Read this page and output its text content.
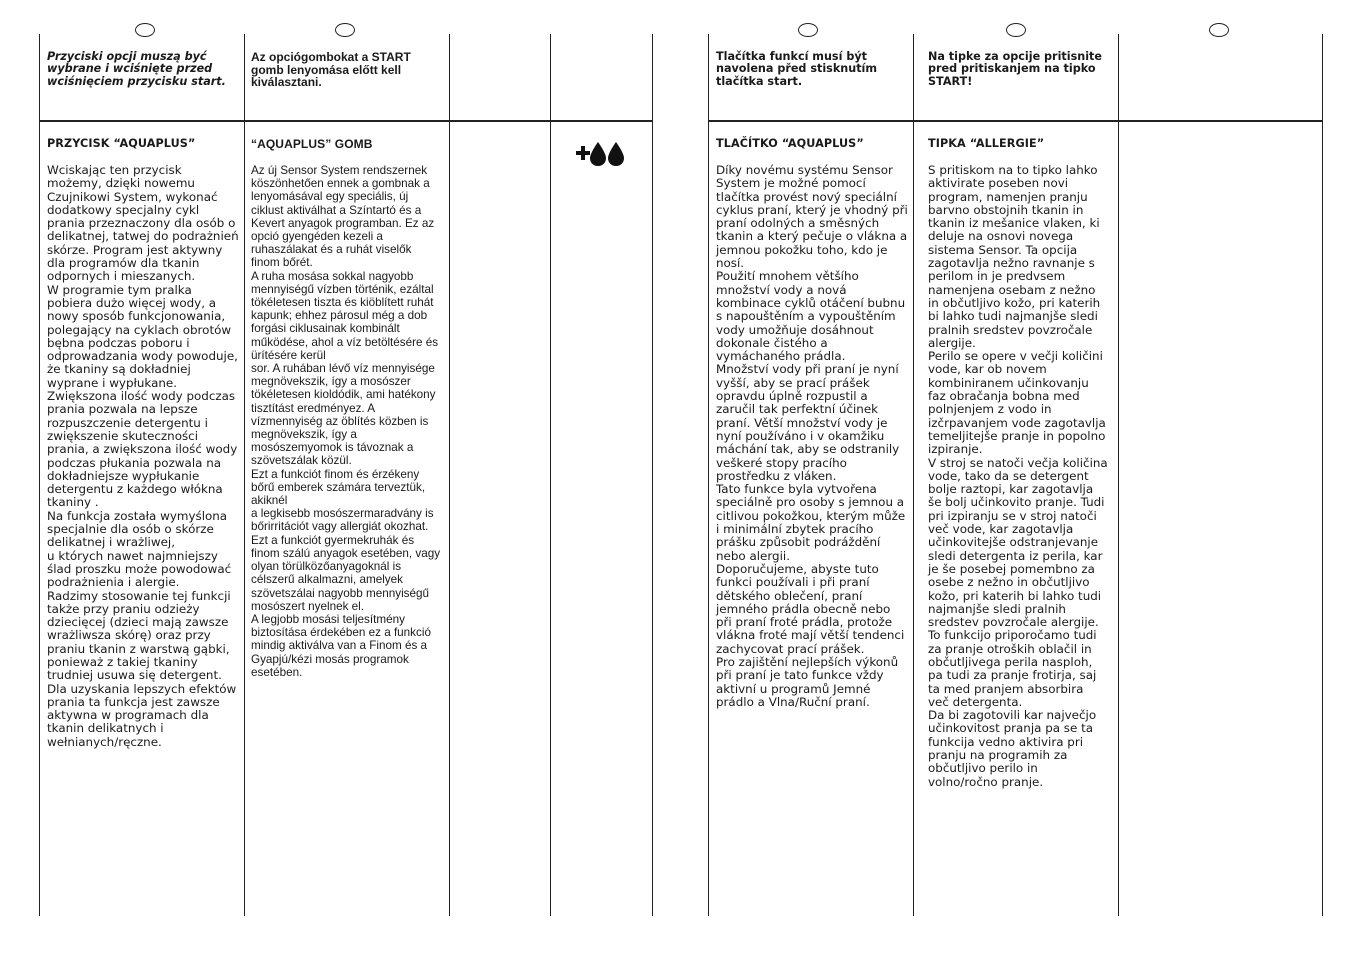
Przyciski opcji muszą być wybrane i wciśnięte przed wciśnięciem przycisku start.
Az opciógombokat a START gomb lenyomása előtt kell kiválasztani.
Tlačítka funkcí musí být navolena před stisknutím tlačítka start.
Na tipke za opcije pritisnite pred pritiskanjem na tipko START!
PRZYCISK “AQUAPLUS”	“AQUAPLUS” GOMB	TLAČÍTKO “AQUAPLUS”	TIPKA “ALLERGIE”

Wciskając ten przycisk możemy, dzięki nowemu Czujnikowi System, wykonać dodatkowy specjalny cykl prania przeznaczony dla osób o delikatnej, tatwej do podrażnień skórze. Program jest aktywny dla programów dla tkanin odpornych i mieszanych.
W programie tym pralka pobiera dużo więcej wody, a nowy sposób funkcjonowania, polegający na cyklach obrotów bębna podczas poboru i odprowadzania wody powoduje, że tkaniny są dokładniej wyprane i wypłukane. Zwiększona ilość wody podczas prania pozwala na lepsze rozpuszczenie detergentu i zwiększenie skuteczności prania, a zwiększona ilość wody podczas płukania pozwala na dokładniejsze wypłukanie detergentu z każdego włókna tkaniny .
Na funkcja została wymyślona specjalnie dla osób o skórze delikatnej i wrażliwej,
u których nawet najmniejszy ślad proszku może powodować podrażnienia i alergie.
Radzimy stosowanie tej funkcji także przy praniu odzieży dziecięcej (dzieci mają zawsze wrażliwsza skórę) oraz przy praniu tkanin z warstwą gąbki, ponieważ z takiej tkaniny trudniej usuwa się detergent.
Dla uzyskania lepszych efektów prania ta funkcja jest zawsze aktywna w programach dla tkanin delikatnych i wełnianych/ręczne.

Az új Sensor System rendszernek köszönhetően ennek a gombnak a lenyomásával egy speciális, új ciklust aktiválhat a Színtartó és a Kevert anyagok programban. Ez az opció gyengéden kezeli a ruhaszálakat és a ruhát viselők finom bőrét.
A ruha mosása sokkal nagyobb mennyiségű vízben történik, ezáltal tökéletesen tiszta és kiöblített ruhát kapunk; ehhez párosul még a dob forgási ciklusainak kombinált működése, ahol a víz betöltésére és ürítésére kerül
sor. A ruhában lévő víz mennyisége megnövekszik, így a mosószer tökéletesen kioldódik, ami hatékony tisztítást eredményez. A vízmennyiség az öblítés közben is megnövekszik, így a mosószemyomok is távoznak a
szövetszálak közül.
Ezt a funkciót finom és érzékeny bőrű emberek számára terveztük, akiknél
a legkisebb mosószermaradvány is bőrirritációt vagy allergiát okozhat.
Ezt a funkciót gyermekruhák és finom szálú anyagok esetében, vagy olyan törülközőanyagoknál is célszerű alkalmazni, amelyek szövetszálai nagyobb mennyiségű mosószert nyelnek el.
A legjobb mosási teljesítmény biztosítása érdekében ez a funkció mindig aktiválva van a Finom és a Gyapjú/kézi mosás programok esetében.

Díky novému systému Sensor System je možné pomocí tlačítka provést nový speciální cyklus praní, který je vhodný při praní odolných a směsných tkanin a který pečuje o vlákna a jemnou pokožku toho, kdo je nosí.
Použití mnohem většího množství vody a nová kombinace cyklů otáčení bubnu s napouštěním a vypouštěním vody umožňuje dosáhnout dokonale čistého a vymáchaného prádla.
Množství vody při praní je nyní vyšší, aby se prací prášek opravdu úplně rozpustil a zaručil tak perfektní účinek praní. Větší množství vody je nyní používáno i v okamžiku máchání tak, aby se odstranily veškeré stopy pracího prostředku z vláken.
Tato funkce byla vytvořena speciálně pro osoby s jemnou a citlivou pokožkou, kterým může i minimální zbytek pracího prášku způsobit podráždění nebo alergii.
Doporučujeme, abyste tuto funkci používali i při praní dětského oblečení, praní jemného prádla obecně nebo při praní froté prádla, protože vlákna froté mají větší tendenci zachycovat prací prášek.
Pro zajištění nejlepších výkonů při praní je tato funkce vždy aktivní u programů Jemné prádlo a Vlna/Ruční praní.

S pritiskom na to tipko lahko aktivirate poseben novi program, namenjen pranju barvno obstojnih tkanin in tkanin iz mešanice vlaken, ki deluje na osnovi novega sistema Sensor. Ta opcija zagotavlja nežno ravnanje s perilom in je predvsem namenjena osebam z nežno in občutljivo kožo, pri katerih bi lahko tudi najmanjše sledi pralnih sredstev povzročale alergije.
Perilo se opere v večji količini vode, kar ob novem kombiniranem učinkovanju faz obračanja bobna med polnjenjem z vodo in izčrpavanjem vode zagotavlja temeljitejše pranje in popolno izpiranje.
V stroj se natoči večja količina vode, tako da se detergent bolje raztopi, kar zagotavlja še bolj učinkovito pranje. Tudi pri izpiranju se v stroj natoči več vode, kar zagotavlja učinkovitejše odstranjevanje sledi detergenta iz perila, kar je še posebej pomembno za osebe z nežno in občutljivo kožo, pri katerih bi lahko tudi najmanjše sledi pralnih sredstev povzročale alergije.
To funkcijo priporočamo tudi za pranje otroških oblačil in občutljivega perila nasploh, pa tudi za pranje frotirja, saj ta med pranjem absorbira več detergenta.
Da bi zagotovili kar največjo učinkovitost pranja pa se ta funkcija vedno aktivira pri pranju na programih za občutljivo perilo in volno/ročno pranje.
